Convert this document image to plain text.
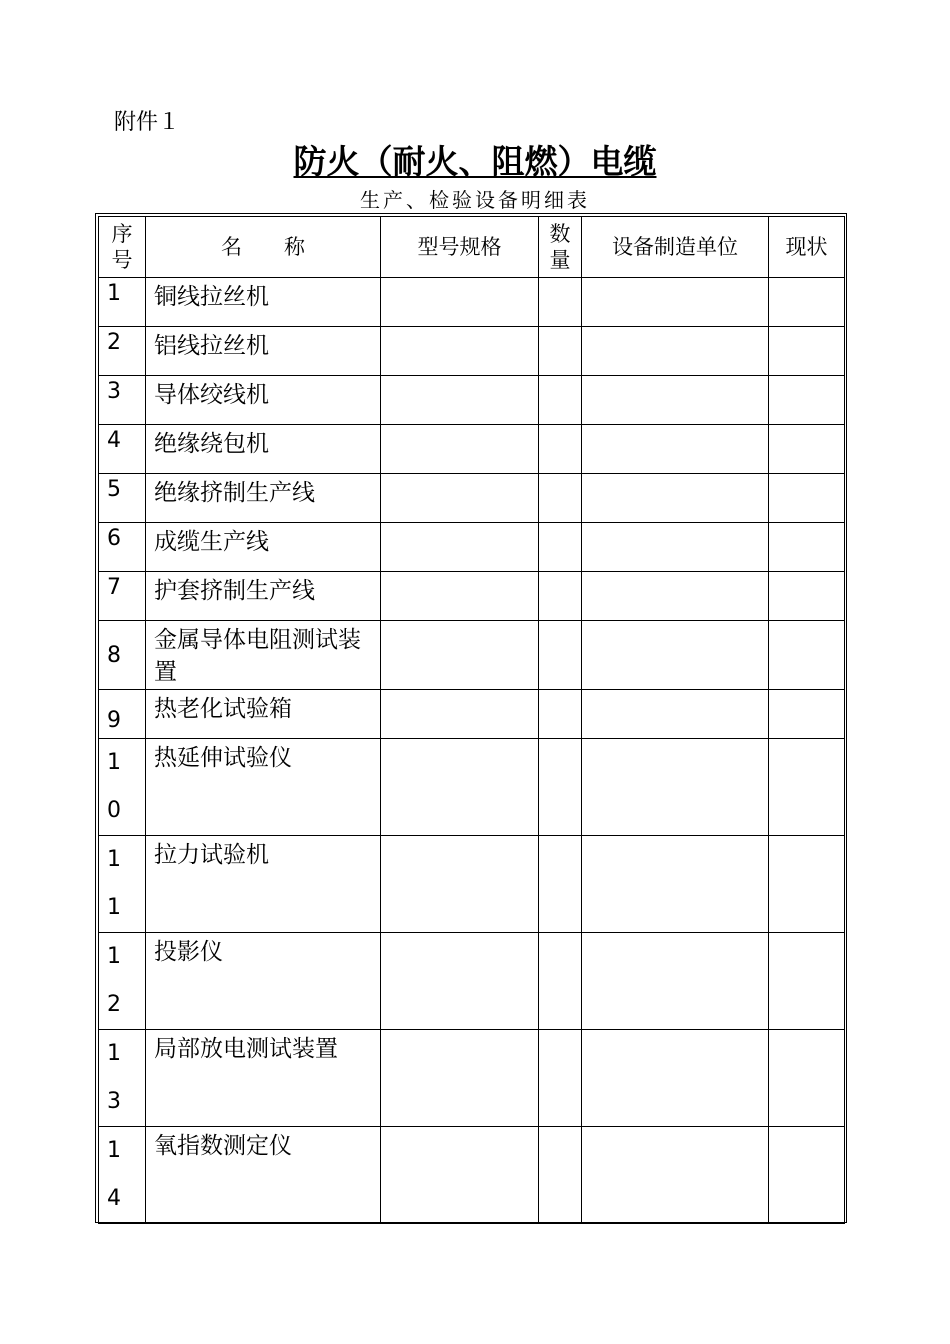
附件１
防火（耐火、阻燃）电缆
生产、检验设备明细表
序号	名　　称	型号规格	数量	设备制造单位	现状
1	铜线拉丝机				
2	铝线拉丝机				
3	导体绞线机				
4	绝缘绕包机				
5	绝缘挤制生产线				
6	成缆生产线				
7	护套挤制生产线				
8	金属导体电阻测试装置				
9	热老化试验箱				
10	热延伸试验仪				
11	拉力试验机				
12	投影仪				
13	局部放电测试装置				
14	氧指数测定仪				
